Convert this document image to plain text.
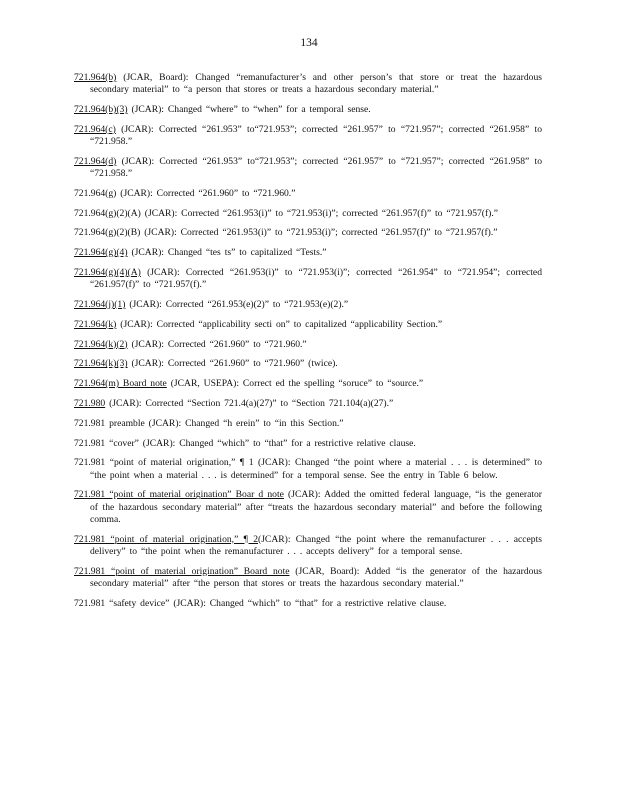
134

721.964(b) (JCAR, Board): Changed “remanufacturer’s and other person’s that store or treat the hazardous secondary material” to “a person that stores or treats a hazardous secondary material.”

721.964(b)(3) (JCAR): Changed “where” to “when” for a temporal sense.

721.964(c) (JCAR): Corrected “261.953” to“721.953”; corrected “261.957” to “721.957”; corrected “261.958” to “721.958.”

721.964(d) (JCAR): Corrected “261.953” to“721.953”; corrected “261.957” to “721.957”; corrected “261.958” to “721.958.”

721.964(g) (JCAR): Corrected “261.960” to “721.960.”

721.964(g)(2)(A) (JCAR): Corrected “261.953(i)” to “721.953(i)”; corrected “261.957(f)” to “721.957(f).”

721.964(g)(2)(B) (JCAR): Corrected “261.953(i)” to “721.953(i)”; corrected “261.957(f)” to “721.957(f).”

721.964(g)(4) (JCAR): Changed “tes ts” to capitalized “Tests.”

721.964(g)(4)(A) (JCAR): Corrected “261.953(i)” to “721.953(i)”; corrected “261.954” to “721.954”; corrected “261.957(f)” to “721.957(f).”

721.964(j)(1) (JCAR): Corrected “261.953(e)(2)” to “721.953(e)(2).”

721.964(k) (JCAR): Corrected “applicability secti on” to capitalized “applicability Section.”

721.964(k)(2) (JCAR): Corrected “261.960” to “721.960.”

721.964(k)(3) (JCAR): Corrected “261.960” to “721.960” (twice).

721.964(m) Board note (JCAR, USEPA): Correct ed the spelling “soruce” to “source.”

721.980 (JCAR): Corrected “Section 721.4(a)(27)” to “Section 721.104(a)(27).”

721.981 preamble (JCAR): Changed “h erein” to “in this Section.”

721.981 “cover” (JCAR): Changed “which” to “that” for a restrictive relative clause.

721.981 “point of material origination,” ¶ 1 (JCAR): Changed “the point where a material . . . is determined” to “the point when a material . . . is determined” for a temporal sense. See the entry in Table 6 below.

721.981 “point of material origination” Boar d note (JCAR): Added the omitted federal language, “is the generator of the hazardous secondary material” after “treats the hazardous secondary material” and before the following comma.

721.981 “point of material origination,” ¶ 2(JCAR): Changed “the point where the remanufacturer . . . accepts delivery” to “the point when the remanufacturer . . . accepts delivery” for a temporal sense.

721.981 “point of material origination” Board note (JCAR, Board): Added “is the generator of the hazardous secondary material” after “the person that stores or treats the hazardous secondary material.”

721.981 “safety device” (JCAR): Changed “which” to “that” for a restrictive relative clause.
